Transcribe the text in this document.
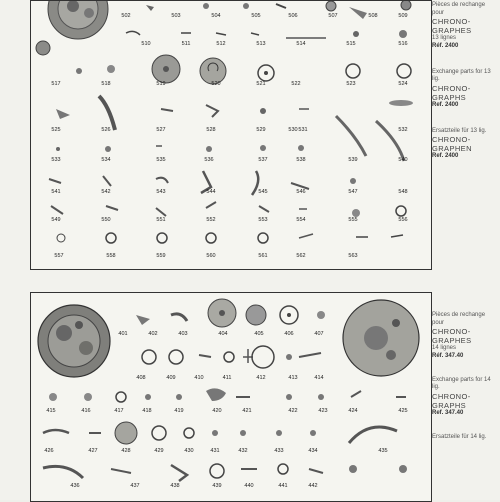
502	503	504	505	506	507	508	509
510	511	512	513	514	515	516
517	518	519	520	521	522	523	524
525	526	527	528	529	530 531	532
533	534	535	536	537	538	539	540
541	542	543	544	545	546	547	548
549	550	551	552	553	554	555	556
557	558	559	560	561	562	563
401	402	403	404	405	406	407
408	409	410	411	412	413	414
415	416	417	418	419	420	421	422	423	424	425
426	427	428	429	430	431	432	433	434	435
436	437	438	439	440	441	442
Pièces de rechange pour
CHRONO-GRAPHES
13 lignes
Réf. 2400
Exchange parts for 13 lig.
CHRONO-GRAPHS
Ref. 2400
Ersatzteile für 13 lig.
CHRONO-GRAPHEN
Ref. 2400
Pièces de rechange pour
CHRONO-GRAPHES
14 lignes
Réf. 347.40
Exchange parts for 14 lig.
CHRONO-GRAPHS
Ref. 347.40
Ersatzteile für 14 lig.
